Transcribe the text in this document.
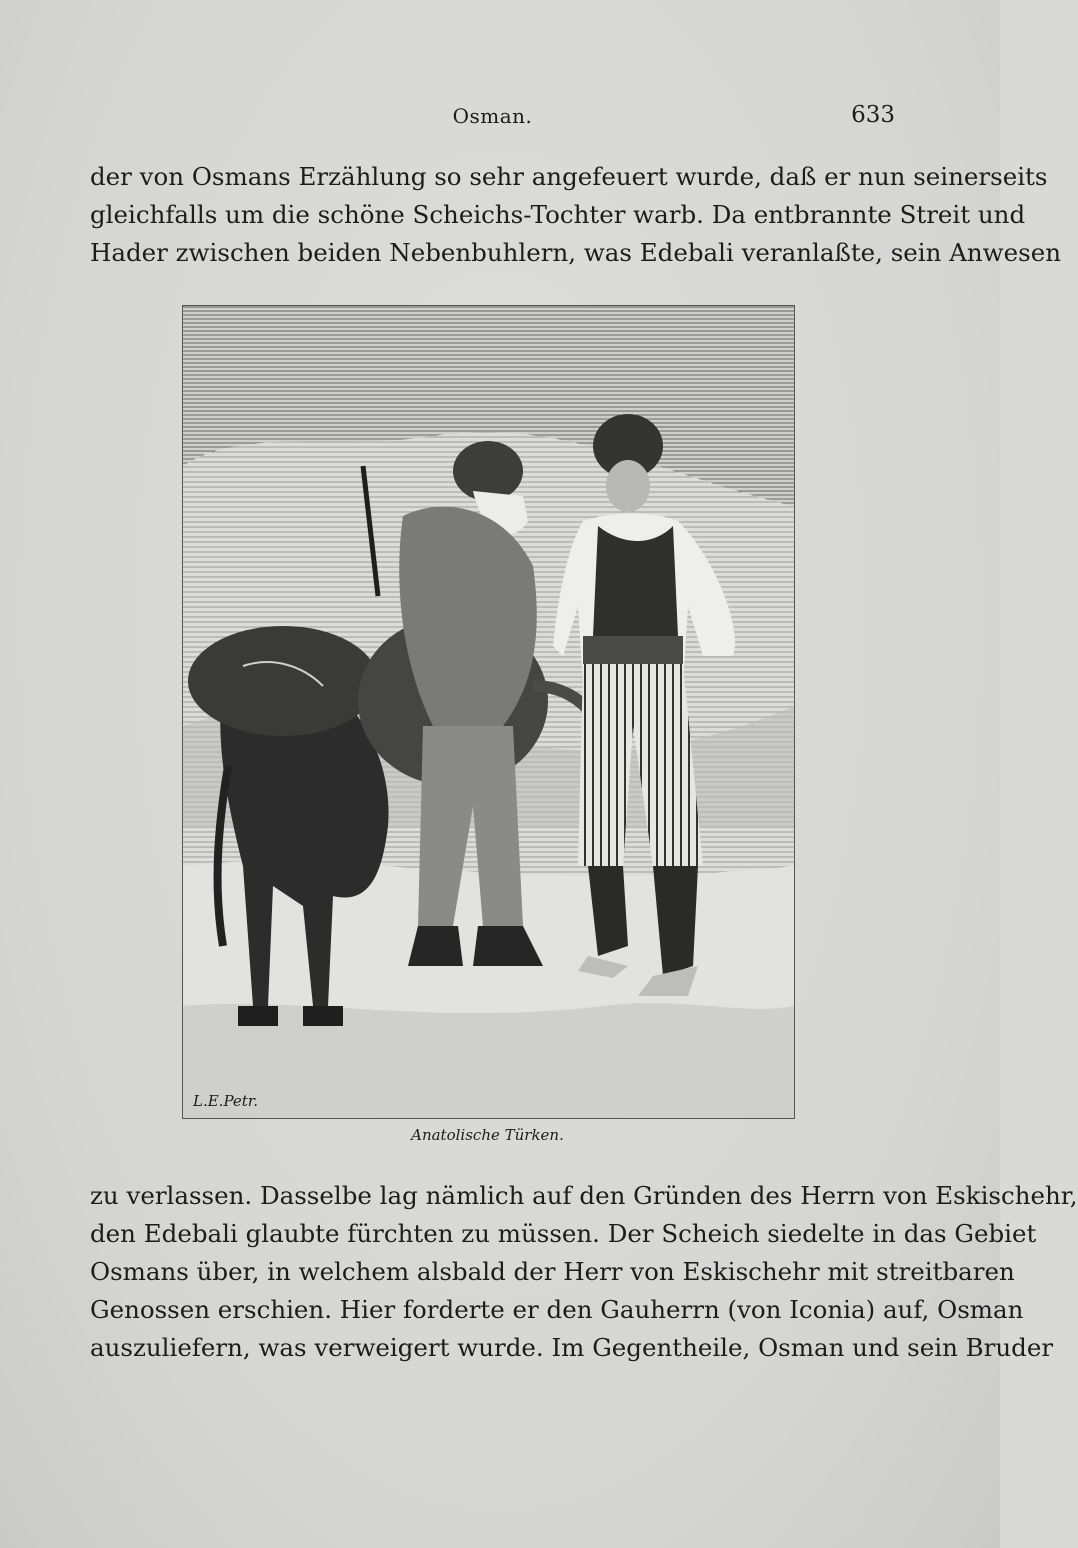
Osman.	633
der von Osmans Erzählung so sehr angefeuert wurde, daß er nun seinerseits
gleichfalls um die schöne Scheichs-Tochter warb. Da entbrannte Streit und
Hader zwischen beiden Nebenbuhlern, was Edebali veranlaßte, sein Anwesen
L.E.Petr.
Anatolische Türken.
zu verlassen. Dasselbe lag nämlich auf den Gründen des Herrn von Eskischehr,
den Edebali glaubte fürchten zu müssen. Der Scheich siedelte in das Gebiet
Osmans über, in welchem alsbald der Herr von Eskischehr mit streitbaren
Genossen erschien. Hier forderte er den Gauherrn (von Iconia) auf, Osman
auszuliefern, was verweigert wurde. Im Gegentheile, Osman und sein Bruder
